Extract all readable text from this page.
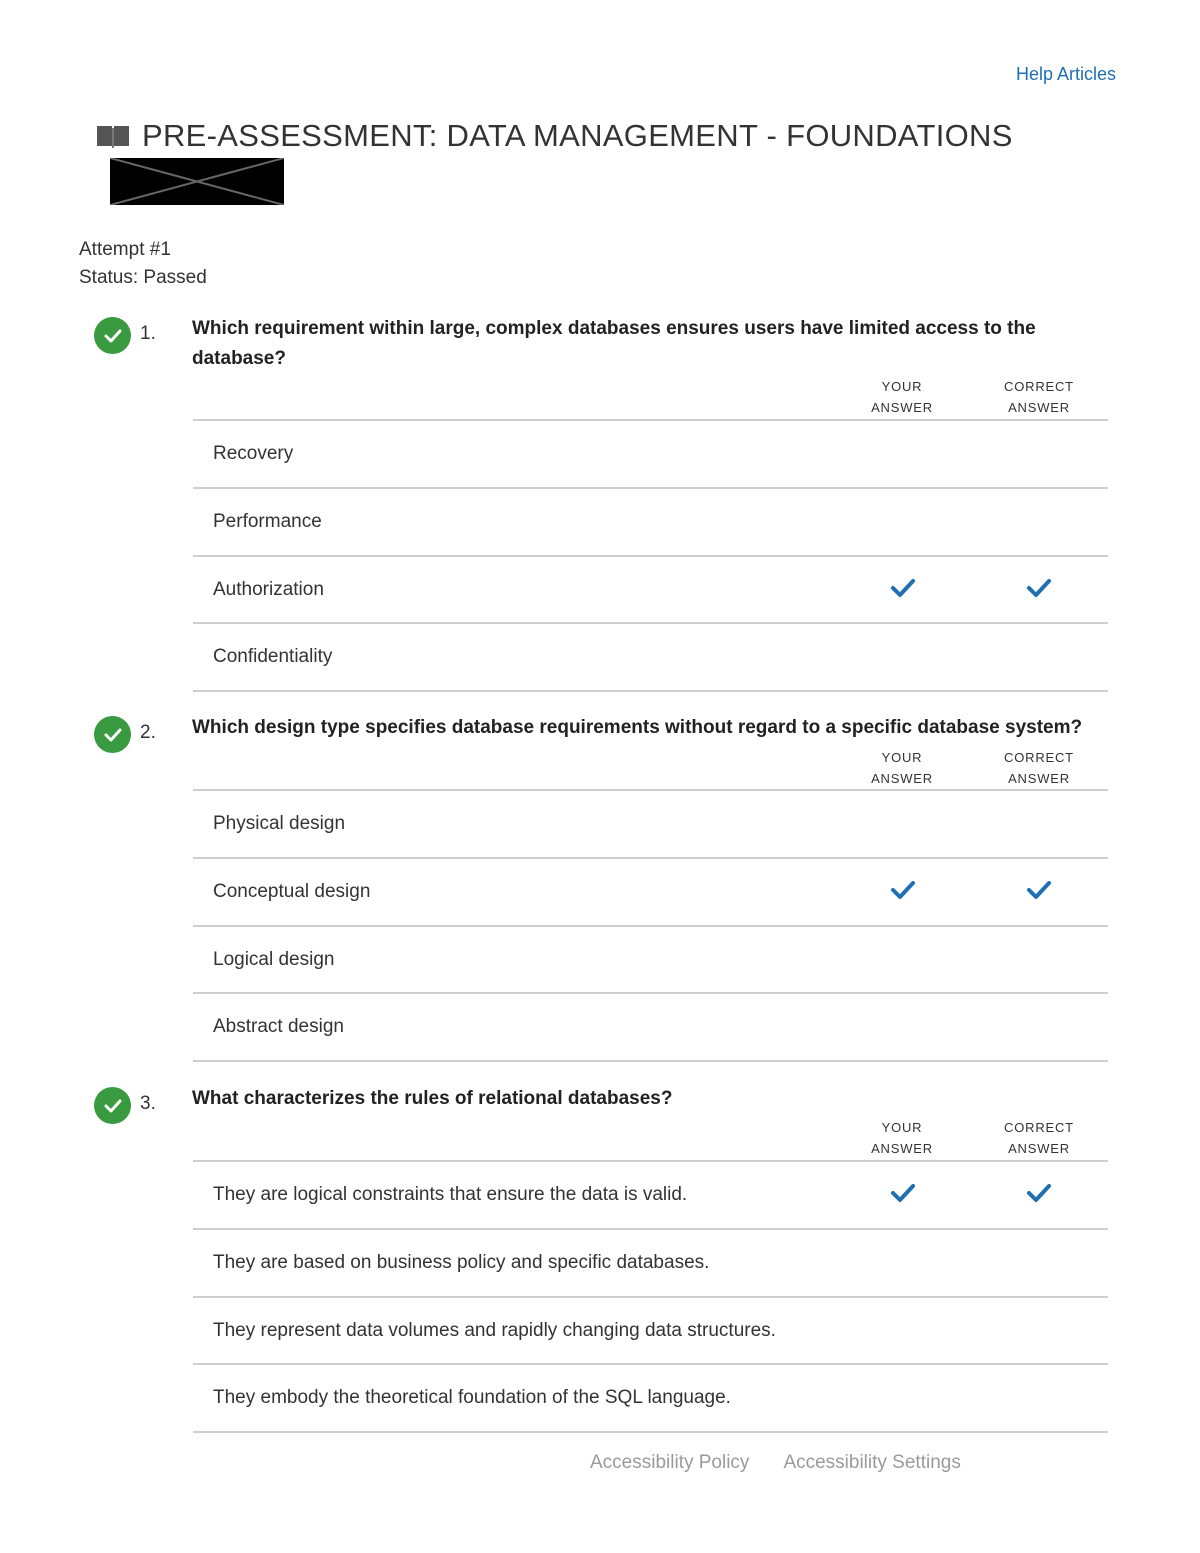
Help Articles
PRE-ASSESSMENT: DATA MANAGEMENT - FOUNDATIONS
Attempt #1
Status: Passed
1. Which requirement within large, complex databases ensures users have limited access to the database?

YOUR
ANSWER
CORRECT
ANSWER
Recovery
Performance
Authorization
Confidentiality
2. Which design type specifies database requirements without regard to a specific database system?

YOUR
ANSWER
CORRECT
ANSWER
Physical design
Conceptual design
Logical design
Abstract design
3. What characterizes the rules of relational databases?

YOUR
ANSWER
CORRECT
ANSWER
They are logical constraints that ensure the data is valid.
They are based on business policy and specific databases.
They represent data volumes and rapidly changing data structures.
They embody the theoretical foundation of the SQL language.
Accessibility Policy Accessibility Settings
